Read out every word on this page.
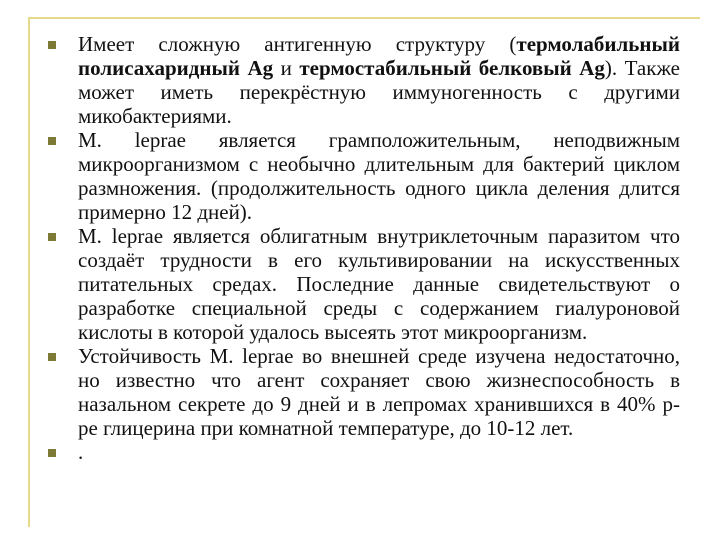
Имеет сложную антигенную структуру (термолабильный полисахаридный Ag и термостабильный белковый Ag). Также может иметь перекрёстную иммуногенность с другими микобактериями.
M. leprae является грамположительным, неподвижным микроорганизмом с необычно длительным для бактерий циклом размножения. (продолжительность одного цикла деления длится примерно 12 дней).
M. leprae является облигатным внутриклеточным паразитом что создаёт трудности в его культивировании на искусственных питательных средах. Последние данные свидетельствуют о разработке специальной среды с содержанием гиалуроновой кислоты в которой удалось высеять этот микроорганизм.
Устойчивость M. leprae во внешней среде изучена недостаточно, но известно что агент сохраняет свою жизнеспособность в назальном секрете до 9 дней и в лепромах хранившихся в 40% р-ре глицерина при комнатной температуре, до 10-12 лет.
.
